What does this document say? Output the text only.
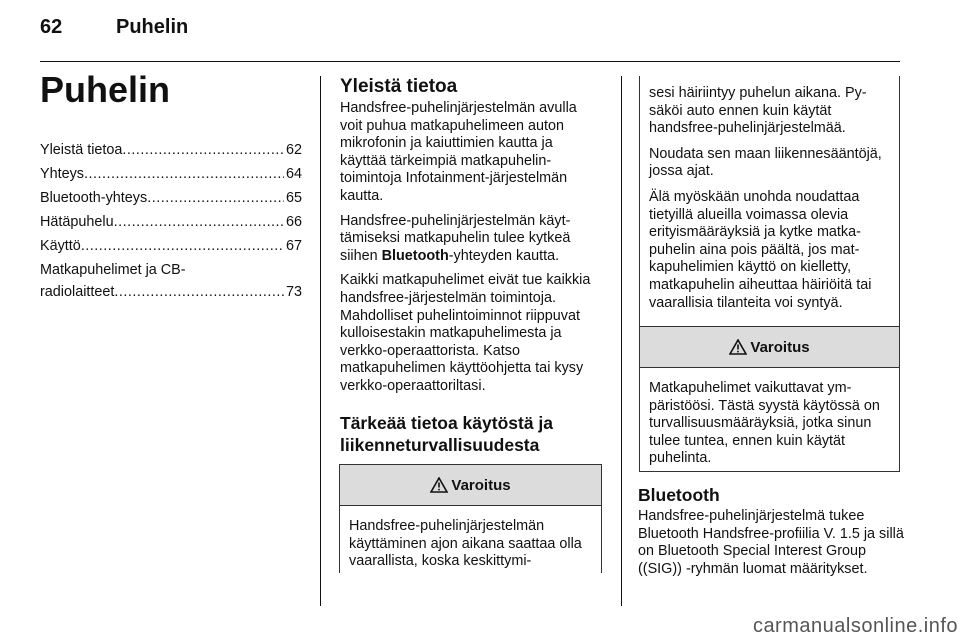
62	Puhelin
Puhelin
Yleistä tietoa .....	62
Yhteys .....	64
Bluetooth-yhteys .....	65
Hätäpuhelu .....	66
Käyttö .....	67
Matkapuhelimet ja CB-
radiolaitteet .....	73
Yleistä tietoa

Handsfree-puhelinjärjestelmän avulla voit puhua matkapuhelimeen auton mikrofonin ja kaiuttimien kautta ja käyttää tärkeimpiä matkapuhelintoimintoja Infotainment-järjestelmän kautta.

Handsfree-puhelinjärjestelmän käyttämiseksi matkapuhelin tulee kytkeä siihen Bluetooth-yhteyden kautta.

Kaikki matkapuhelimet eivät tue kaikkia handsfree-järjestelmän toimintoja. Mahdolliset puhelintoiminnot riippuvat kulloisestakin matkapuhelimesta ja verkko-operaattorista. Katso matkapuhelimen käyttöohjetta tai kysy verkko-operaattoriltasi.

Tärkeää tietoa käytöstä ja liikenneturvallisuudesta
Varoitus
Handsfree-puhelinjärjestelmän käyttäminen ajon aikana saattaa olla vaarallista, koska keskittymi-

sesi häiriintyy puhelun aikana. Pysäköi auto ennen kuin käytät handsfree-puhelinjärjestelmää.

Noudata sen maan liikennesääntöjä, jossa ajat.

Älä myöskään unohda noudattaa tietyillä alueilla voimassa olevia erityismääräyksiä ja kytke matkapuhelin aina pois päältä, jos matkapuhelimien käyttö on kielletty, matkapuhelin aiheuttaa häiriöitä tai vaarallisia tilanteita voi syntyä.

Varoitus
Matkapuhelimet vaikuttavat ympäristöösi. Tästä syystä käytössä on turvallisuusmääräyksiä, jotka sinun tulee tuntea, ennen kuin käytät puhelinta.
Bluetooth

Handsfree-puhelinjärjestelmä tukee Bluetooth Handsfree-profiilia V. 1.5 ja sillä on Bluetooth Special Interest Group ((SIG)) -ryhmän luomat määritykset.

carmanualsonline.info
